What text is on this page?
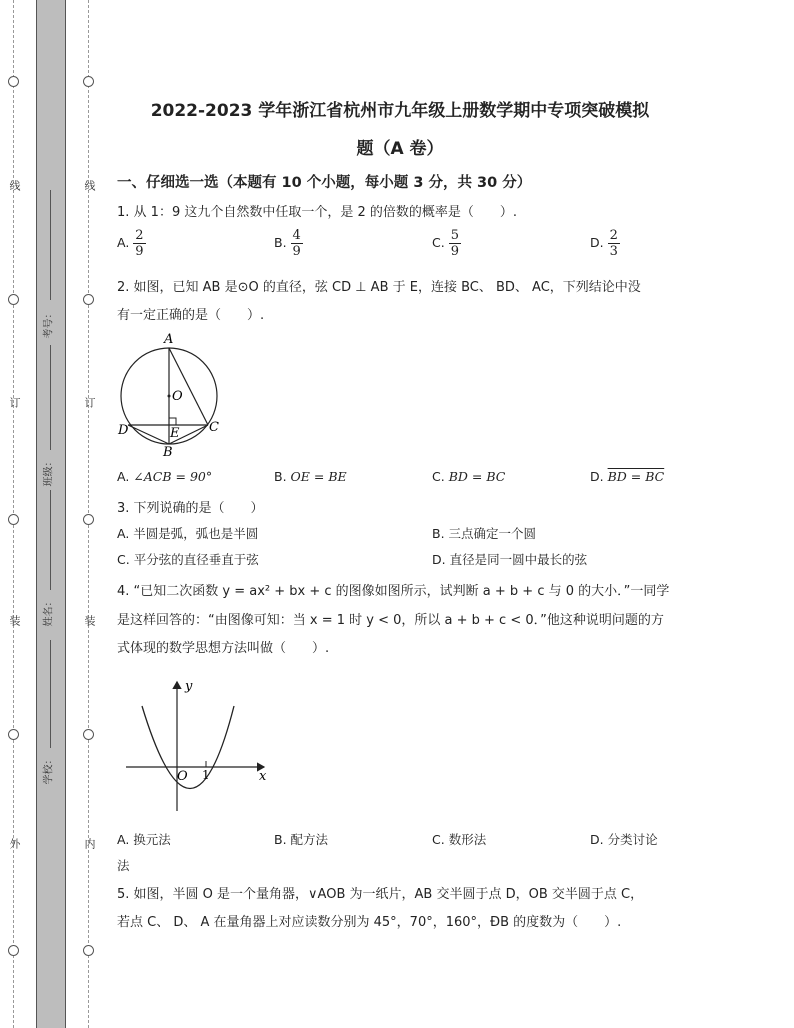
线
订
装
外
线
订
装
内
考号：
班级：
姓名：
学校：
2022-2023 学年浙江省杭州市九年级上册数学期中专项突破模拟
题（A 卷）
一、仔细选一选（本题有 10 个小题，每小题 3 分，共 30 分）
1. 从 1：9 这九个自然数中任取一个，是 2 的倍数的概率是（　　）.
A. $\frac{2}{9}$	B. $\frac{4}{9}$	C. $\frac{5}{9}$	D. $\frac{2}{3}$
2. 如图，已知 AB 是⊙O 的直径，弦 CD ⊥ AB 于 E，连接 BC、 BD、 AC，下列结论中没
有一定正确的是（　　）.
A
O
D	E C
B
A. ∠ACB = 90°	B. OE = BE	C. BD = BC	D. BD = BC
3. 下列说确的是（　　）
A. 半圆是弧，弧也是半圆	B. 三点确定一个圆
C. 平分弦的直径垂直于弦	D. 直径是同一圆中最长的弦
4. “已知二次函数 y = ax² + bx + c 的图像如图所示，试判断 a + b + c 与 0 的大小．”一同学
是这样回答的：“由图像可知：当 x = 1 时 y < 0，所以 a + b + c < 0．”他这种说明问题的方
式体现的数学思想方法叫做（　　）.
y
x
O 1
A. 换元法	B. 配方法	C. 数形法	D. 分类讨论
法
5. 如图，半圆 O 是一个量角器，∨AOB 为一纸片，AB 交半圆于点 D，OB 交半圆于点 C，
若点 C、 D、 A 在量角器上对应读数分别为 45°，70°，160°，ÐB 的度数为（　　）.
